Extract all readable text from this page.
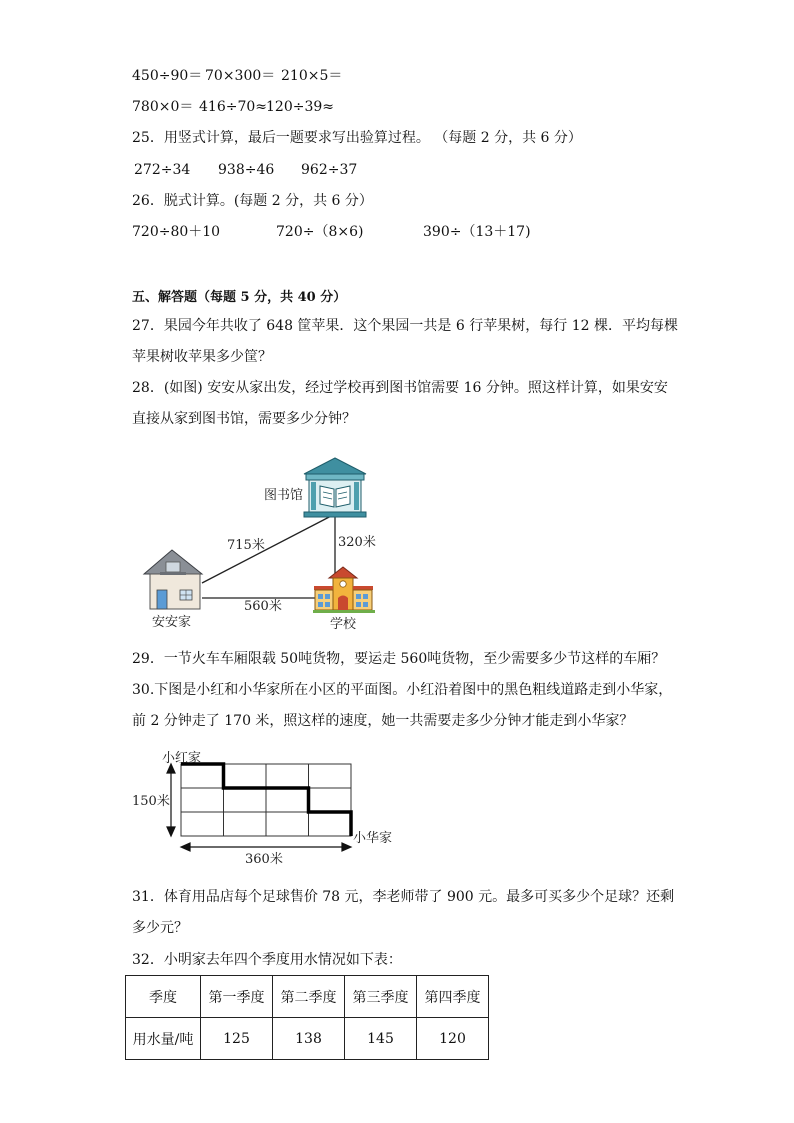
450÷90＝ 70×300＝ 210×5＝
780×0＝ 416÷70≈ 120÷39≈
25．用竖式计算，最后一题要求写出验算过程。 （每题 2 分，共 6 分）
272÷34 938÷46 962÷37
26．脱式计算。(每题 2 分，共 6 分）
720÷80＋10	720÷（8×6)	390÷（13＋17)
五、解答题（每题 5 分，共 40 分）
27．果园今年共收了 648 筐苹果．这个果园一共是 6 行苹果树，每行 12 棵．平均每棵
苹果树收苹果多少筐？
28．(如图) 安安从家出发，经过学校再到图书馆需要 16 分钟。照这样计算，如果安安
直接从家到图书馆，需要多少分钟？
图书馆
715米	320米
560米
安安家	学校
29．一节火车车厢限载 50吨货物，要运走 560吨货物，至少需要多少节这样的车厢？
30.下图是小红和小华家所在小区的平面图。小红沿着图中的黑色粗线道路走到小华家，
前 2 分钟走了 170 米，照这样的速度，她一共需要走多少分钟才能走到小华家？
小红家
150米
小华家
360米
31．体育用品店每个足球售价 78 元，李老师带了 900 元。最多可买多少个足球？还剩
多少元？
32．小明家去年四个季度用水情况如下表：
季度	第一季度	第二季度	第三季度	第四季度
用水量/吨	125	138	145	120
